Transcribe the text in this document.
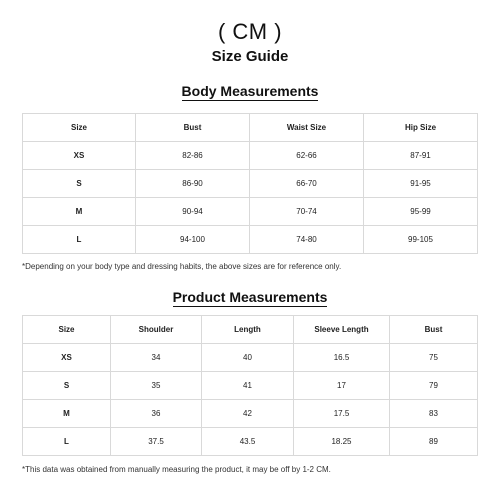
( CM )
Size Guide
Body Measurements
Size	Bust	Waist Size	Hip Size
XS	82-86	62-66	87-91
S	86-90	66-70	91-95
M	90-94	70-74	95-99
L	94-100	74-80	99-105
*Depending on your body type and dressing habits, the above sizes are for reference only.
Product Measurements
Size	Shoulder	Length	Sleeve Length	Bust
XS	34	40	16.5	75
S	35	41	17	79
M	36	42	17.5	83
L	37.5	43.5	18.25	89
*This data was obtained from manually measuring the product, it may be off by 1-2 CM.
